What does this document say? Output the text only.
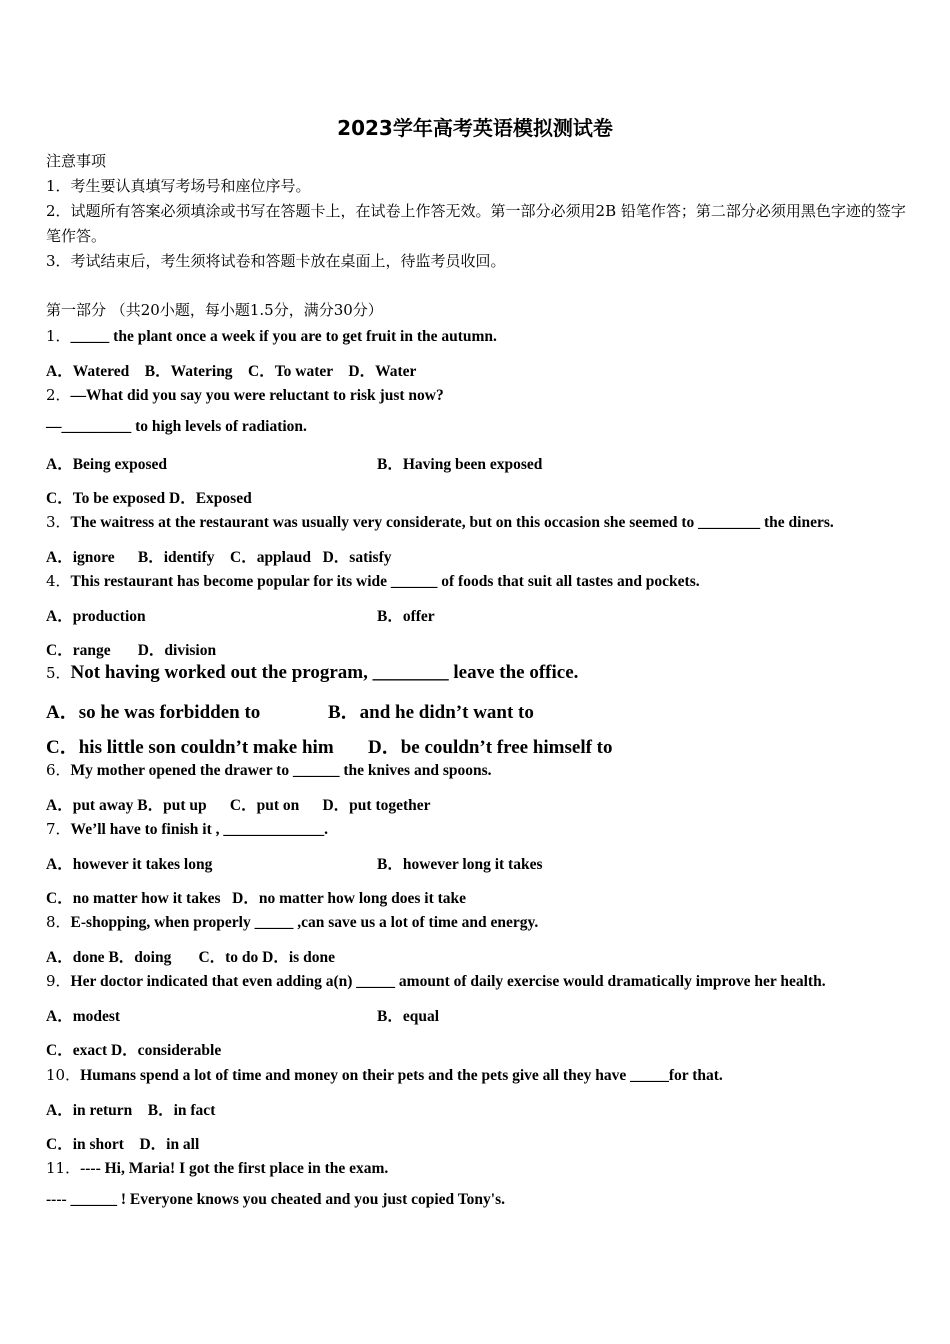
2023学年高考英语模拟测试卷
注意事项
1．考生要认真填写考场号和座位序号。
2．试题所有答案必须填涂或书写在答题卡上，在试卷上作答无效。第一部分必须用2B 铅笔作答；第二部分必须用黑色字迹的签字笔作答。
3．考试结束后，考生须将试卷和答题卡放在桌面上，待监考员收回。
第一部分 （共20小题，每小题1.5分，满分30分）
1．_____ the plant once a week if you are to get fruit in the autumn.
A．Watered    B．Watering    C．To water    D．Water
2．—What did you say you were reluctant to risk just now?
—_________ to high levels of radiation.
A．Being exposed	B．Having been exposed
C．To be exposed D．Exposed
3．The waitress at the restaurant was usually very considerate, but on this occasion she seemed to ________ the diners.
A．ignore      B．identify    C．applaud   D．satisfy
4．This restaurant has become popular for its wide ______ of foods that suit all tastes and pockets.
A．production	B．offer
C．range       D．division
5．Not having worked out the program, ________ leave the office.
A．so he was forbidden to	B．and he didn’t want to
C．his little son couldn’t make him D．be couldn’t free himself to
6．My mother opened the drawer to ______ the knives and spoons.
A．put away B．put up      C．put on      D．put together
7．We’ll have to finish it , _____________.
A．however it takes long	B．however long it takes
C．no matter how it takes   D．no matter how long does it take
8．E-shopping, when properly _____ ,can save us a lot of time and energy.
A．done B．doing       C．to do D．is done
9．Her doctor indicated that even adding a(n) _____ amount of daily exercise would dramatically improve her health.
A．modest	B．equal
C．exact D．considerable
10．Humans spend a lot of time and money on their pets and the pets give all they have _____for that.
A．in return    B．in fact
C．in short    D．in all
11．---- Hi, Maria! I got the first place in the exam.
---- ______ ! Everyone knows you cheated and you just copied Tony's.
